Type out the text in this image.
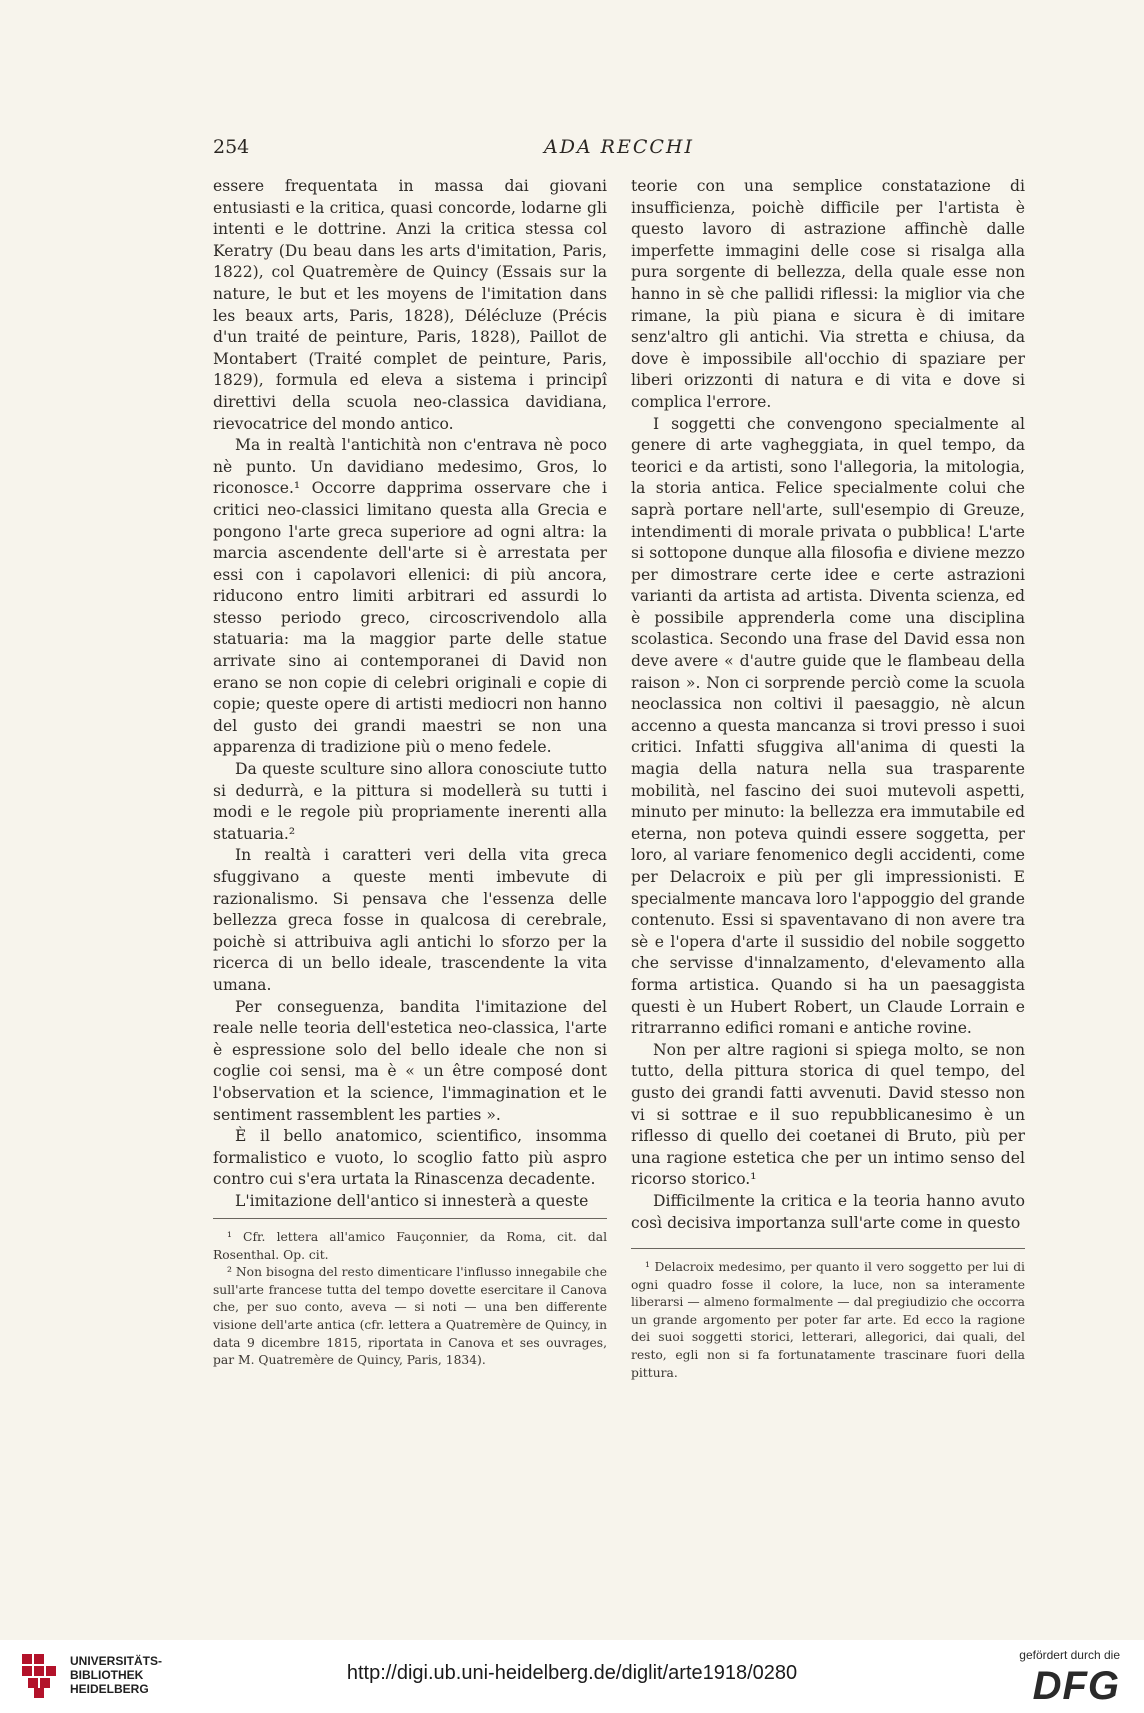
254	ADA RECCHI

essere frequentata in massa dai giovani entusiasti e la critica, quasi concorde, lodarne gli intenti e le dottrine. Anzi la critica stessa col Keratry (Du beau dans les arts d'imitation, Paris, 1822), col Quatremère de Quincy (Essais sur la nature, le but et les moyens de l'imitation dans les beaux arts, Paris, 1828), Délécluze (Précis d'un traité de peinture, Paris, 1828), Paillot de Montabert (Traité complet de peinture, Paris, 1829), formula ed eleva a sistema i principî direttivi della scuola neo-classica davidiana, rievocatrice del mondo antico.

Ma in realtà l'antichità non c'entrava nè poco nè punto. Un davidiano medesimo, Gros, lo riconosce.¹ Occorre dapprima osservare che i critici neo-classici limitano questa alla Grecia e pongono l'arte greca superiore ad ogni altra: la marcia ascendente dell'arte si è arrestata per essi con i capolavori ellenici: di più ancora, riducono entro limiti arbitrari ed assurdi lo stesso periodo greco, circoscrivendolo alla statuaria: ma la maggior parte delle statue arrivate sino ai contemporanei di David non erano se non copie di celebri originali e copie di copie; queste opere di artisti mediocri non hanno del gusto dei grandi maestri se non una apparenza di tradizione più o meno fedele.

Da queste sculture sino allora conosciute tutto si dedurrà, e la pittura si modellerà su tutti i modi e le regole più propriamente inerenti alla statuaria.²

In realtà i caratteri veri della vita greca sfuggivano a queste menti imbevute di razionalismo. Si pensava che l'essenza delle bellezza greca fosse in qualcosa di cerebrale, poichè si attribuiva agli antichi lo sforzo per la ricerca di un bello ideale, trascendente la vita umana.

Per conseguenza, bandita l'imitazione del reale nelle teoria dell'estetica neo-classica, l'arte è espressione solo del bello ideale che non si coglie coi sensi, ma è « un être composé dont l'observation et la science, l'immagination et le sentiment rassemblent les parties ».

È il bello anatomico, scientifico, insomma formalistico e vuoto, lo scoglio fatto più aspro contro cui s'era urtata la Rinascenza decadente.

L'imitazione dell'antico si innesterà a queste

teorie con una semplice constatazione di insufficienza, poichè difficile per l'artista è questo lavoro di astrazione affinchè dalle imperfette immagini delle cose si risalga alla pura sorgente di bellezza, della quale esse non hanno in sè che pallidi riflessi: la miglior via che rimane, la più piana e sicura è di imitare senz'altro gli antichi. Via stretta e chiusa, da dove è impossibile all'occhio di spaziare per liberi orizzonti di natura e di vita e dove si complica l'errore.

I soggetti che convengono specialmente al genere di arte vagheggiata, in quel tempo, da teorici e da artisti, sono l'allegoria, la mitologia, la storia antica. Felice specialmente colui che saprà portare nell'arte, sull'esempio di Greuze, intendimenti di morale privata o pubblica! L'arte si sottopone dunque alla filosofia e diviene mezzo per dimostrare certe idee e certe astrazioni varianti da artista ad artista. Diventa scienza, ed è possibile apprenderla come una disciplina scolastica. Secondo una frase del David essa non deve avere « d'autre guide que le flambeau della raison ». Non ci sorprende perciò come la scuola neoclassica non coltivi il paesaggio, nè alcun accenno a questa mancanza si trovi presso i suoi critici. Infatti sfuggiva all'anima di questi la magia della natura nella sua trasparente mobilità, nel fascino dei suoi mutevoli aspetti, minuto per minuto: la bellezza era immutabile ed eterna, non poteva quindi essere soggetta, per loro, al variare fenomenico degli accidenti, come per Delacroix e più per gli impressionisti. E specialmente mancava loro l'appoggio del grande contenuto. Essi si spaventavano di non avere tra sè e l'opera d'arte il sussidio del nobile soggetto che servisse d'innalzamento, d'elevamento alla forma artistica. Quando si ha un paesaggista questi è un Hubert Robert, un Claude Lorrain e ritrarranno edifici romani e antiche rovine.

Non per altre ragioni si spiega molto, se non tutto, della pittura storica di quel tempo, del gusto dei grandi fatti avvenuti. David stesso non vi si sottrae e il suo repubblicanesimo è un riflesso di quello dei coetanei di Bruto, più per una ragione estetica che per un intimo senso del ricorso storico.¹

Difficilmente la critica e la teoria hanno avuto così decisiva importanza sull'arte come in questo

¹ Cfr. lettera all'amico Fauçonnier, da Roma, cit. dal Rosenthal. Op. cit.

² Non bisogna del resto dimenticare l'influsso innegabile che sull'arte francese tutta del tempo dovette esercitare il Canova che, per suo conto, aveva — si noti — una ben differente visione dell'arte antica (cfr. lettera a Quatremère de Quincy, in data 9 dicembre 1815, riportata in Canova et ses ouvrages, par M. Quatremère de Quincy, Paris, 1834).

¹ Delacroix medesimo, per quanto il vero soggetto per lui di ogni quadro fosse il colore, la luce, non sa interamente liberarsi — almeno formalmente — dal pregiudizio che occorra un grande argomento per poter far arte. Ed ecco la ragione dei suoi soggetti storici, letterari, allegorici, dai quali, del resto, egli non si fa fortunatamente trascinare fuori della pittura.

UNIVERSITÄTS-
BIBLIOTHEK
HEIDELBERG
http://digi.ub.uni-heidelberg.de/diglit/arte1918/0280
gefördert durch die
DFG
